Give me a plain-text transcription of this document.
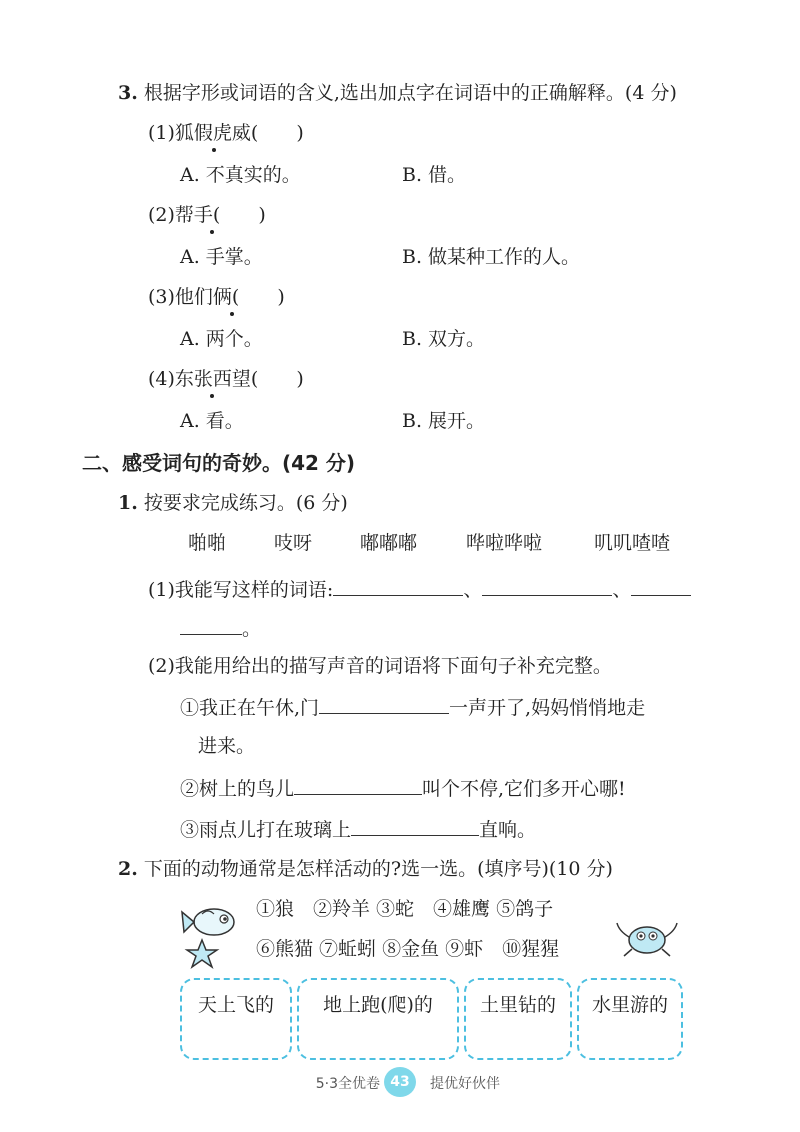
3. 根据字形或词语的含义,选出加点字在词语中的正确解释。(4 分)
(1)狐假虎威(　　)
A. 不真实的。	B. 借。
(2)帮手(　　)
A. 手掌。	B. 做某种工作的人。
(3)他们俩(　　)
A. 两个。	B. 双方。
(4)东张西望(　　)
A. 看。	B. 展开。
二、感受词句的奇妙。(42 分)
1. 按要求完成练习。(6 分)
啪啪	吱呀	嘟嘟嘟	哗啦哗啦	叽叽喳喳
(1)我能写这样的词语:	、	、
。
(2)我能用给出的描写声音的词语将下面句子补充完整。
①我正在午休,门	一声开了,妈妈悄悄地走
进来。
②树上的鸟儿	叫个不停,它们多开心哪!
③雨点儿打在玻璃上	直响。
2. 下面的动物通常是怎样活动的?选一选。(填序号)(10 分)
①狼　②羚羊 ③蛇　④雄鹰 ⑤鸽子
⑥熊猫 ⑦蚯蚓 ⑧金鱼 ⑨虾　⑩猩猩
天上飞的	地上跑(爬)的	土里钻的	水里游的
5·3全优卷 43	提优好伙伴
